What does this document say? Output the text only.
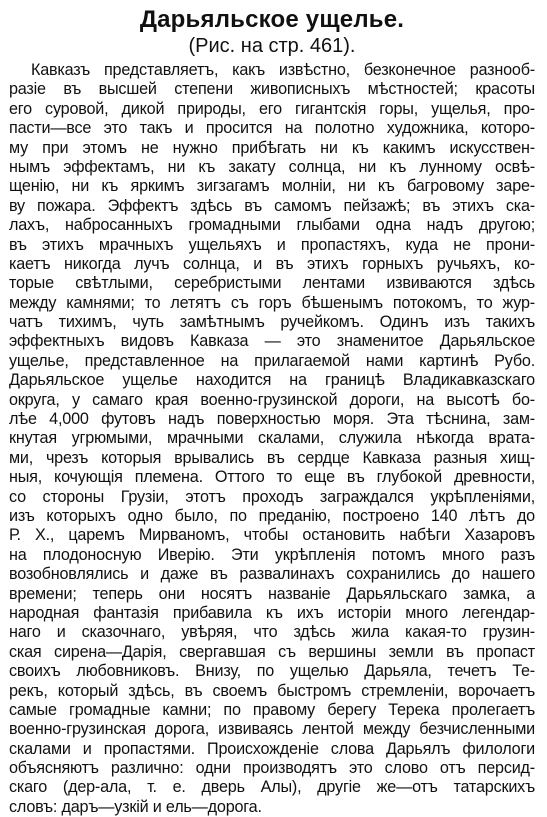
Дарьяльское ущелье.
(Рис. на стр. 461).
Кавказъ представляетъ, какъ извѣстно, безконечное разнооб-
разіе въ высшей степени живописныхъ мѣстностей; красоты
его суровой, дикой природы, его гигантскія горы, ущелья, про-
пасти—все это такъ и просится на полотно художника, которо-
му при этомъ не нужно прибѣгать ни къ какимъ искусствен-
нымъ эффектамъ, ни къ закату солнца, ни къ лунному освѣ-
щенію, ни къ яркимъ зигзагамъ молніи, ни къ багровому заре-
ву пожара. Эффектъ здѣсь въ самомъ пейзажѣ; въ этихъ ска-
лахъ, набросанныхъ громадными глыбами одна надъ другою;
въ этихъ мрачныхъ ущельяхъ и пропастяхъ, куда не прони-
каетъ никогда лучъ солнца, и въ этихъ горныхъ ручьяхъ, ко-
торые свѣтлыми, серебристыми лентами извиваются здѣсь
между камнями; то летятъ съ горъ бѣшенымъ потокомъ, то жур-
чатъ тихимъ, чуть замѣтнымъ ручейкомъ. Одинъ изъ такихъ
эффектныхъ видовъ Кавказа — это знаменитое Дарьяльское
ущелье, представленное на прилагаемой нами картинѣ Рубо.
Дарьяльское ущелье находится на границѣ Владикавказскаго
округа, у самаго края военно-грузинской дороги, на высотѣ бо-
лѣе 4,000 футовъ надъ поверхностью моря. Эта тѣснина, зам-
кнутая угрюмыми, мрачными скалами, служила нѣкогда врата-
ми, чрезъ которыя врывались въ сердце Кавказа разныя хищ-
ныя, кочующія племена. Оттого то еще въ глубокой древности,
со стороны Грузіи, этотъ проходъ заграждался укрѣпленіями,
изъ которыхъ одно было, по преданію, построено 140 лѣтъ до
Р. Х., царемъ Мирваномъ, чтобы остановить набѣги Хазаровъ
на плодоносную Иверію. Эти укрѣпленія потомъ много разъ
возобновлялись и даже въ развалинахъ сохранились до нашего
времени; теперь они носятъ названіе Дарьяльскаго замка, а
народная фантазія прибавила къ ихъ исторіи много легендар-
наго и сказочнаго, увѣряя, что здѣсь жила какая-то грузин-
ская сирена—Дарія, свергавшая съ вершины земли въ пропаст
своихъ любовниковъ. Внизу, по ущелью Дарьяла, течетъ Те-
рекъ, который здѣсь, въ своемъ быстромъ стремленіи, ворочаетъ
самые громадные камни; по правому берегу Терека пролегаетъ
военно-грузинская дорога, извиваясь лентой между безчисленными
скалами и пропастями. Происхожденіе слова Дарьялъ филологи
объясняютъ различно: одни производятъ это слово отъ персид-
скаго (дер-ала, т. е. дверь Алы), другіе же—отъ татарскихъ
словъ: даръ—узкій и ель—дорога.
